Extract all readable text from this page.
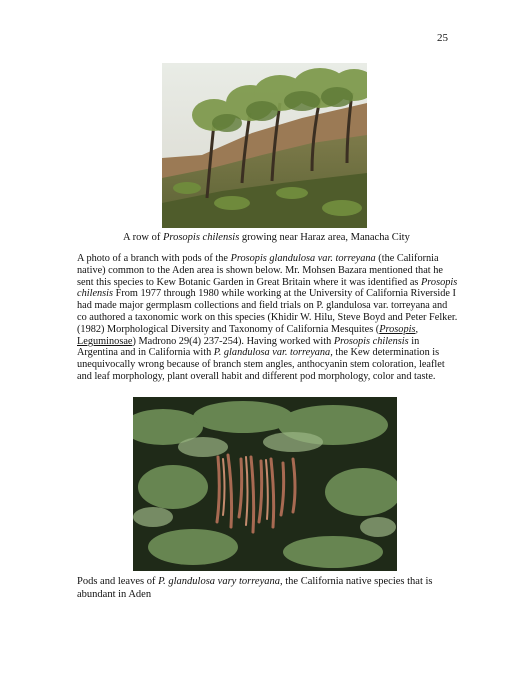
25
A row of Prosopis chilensis growing near Haraz area, Manacha City

A photo of a branch with pods of the Prosopis glandulosa var. torreyana (the California native) common to the Aden area is shown below. Mr. Mohsen Bazara mentioned that he sent this species to Kew Botanic Garden in Great Britain where it was identified as Prosopis chilensis From 1977 through 1980 while working at the University of California Riverside I had made major germplasm collections and field trials on P. glandulosa var. torreyana and co authored a taxonomic work on this species (Khidir W. Hilu, Steve Boyd and Peter Felker. (1982) Morphological Diversity and Taxonomy of California Mesquites (Prosopis, Leguminosae) Madrono 29(4) 237-254). Having worked with Prosopis chilensis in Argentina and in California with P. glandulosa var. torreyana, the Kew determination is unequivocally wrong because of branch stem angles, anthocyanin stem coloration, leaflet and leaf morphology, plant overall habit and different pod morphology, color and taste.

Pods and leaves of P. glandulosa vary torreyana, the California native species that is abundant in Aden
